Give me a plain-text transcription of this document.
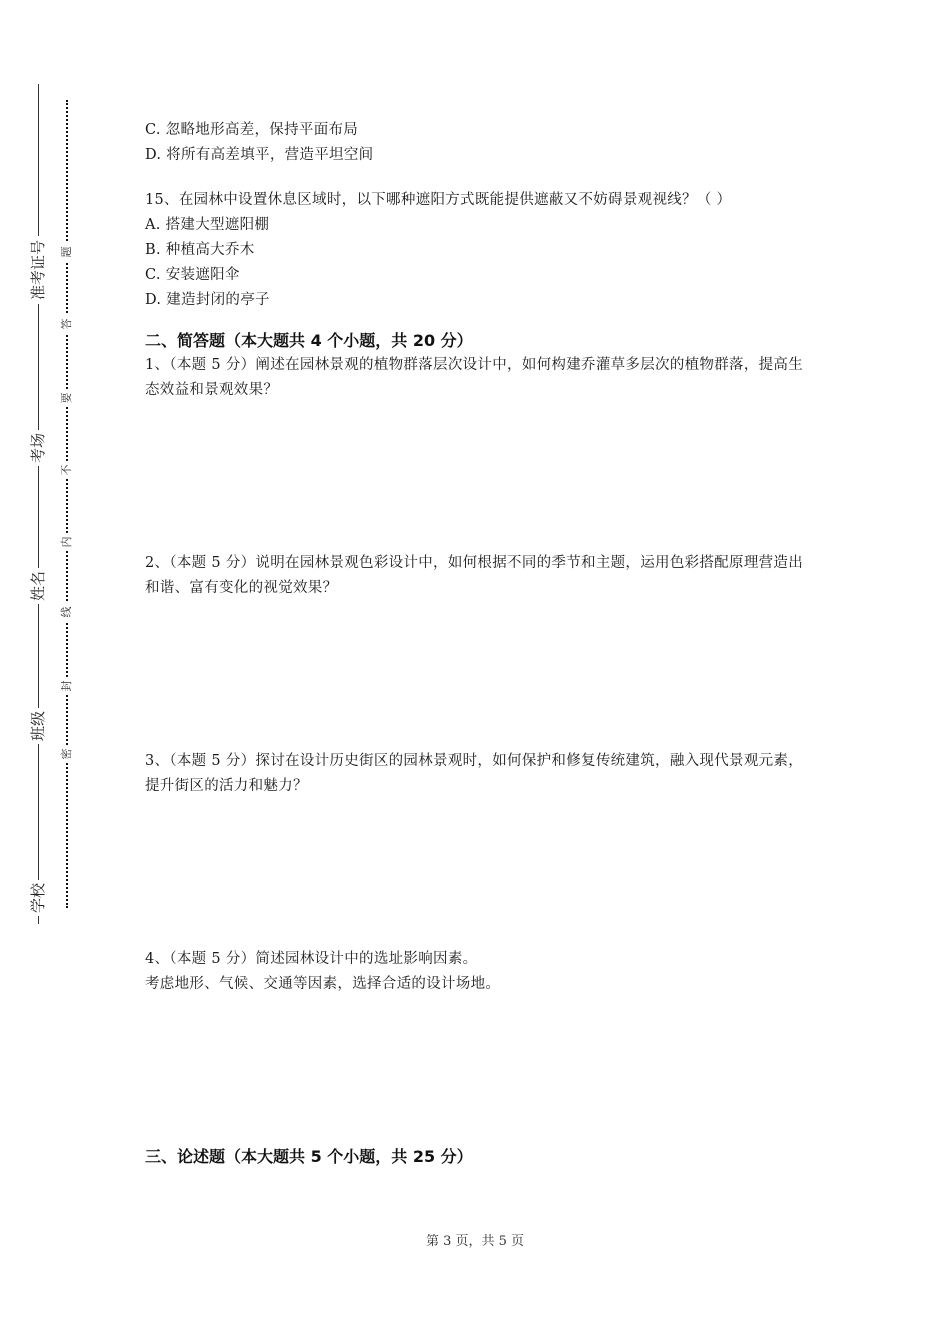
准考证号
考场
姓名
班级
学校
题
答
要
不
内
线
封
密
C. 忽略地形高差，保持平面布局
D. 将所有高差填平，营造平坦空间
15、在园林中设置休息区域时，以下哪种遮阳方式既能提供遮蔽又不妨碍景观视线？（ ）
A. 搭建大型遮阳棚
B. 种植高大乔木
C. 安装遮阳伞
D. 建造封闭的亭子
二、简答题（本大题共 4 个小题，共 20 分）
1、（本题 5 分）阐述在园林景观的植物群落层次设计中，如何构建乔灌草多层次的植物群落，提高生态效益和景观效果？
2、（本题 5 分）说明在园林景观色彩设计中，如何根据不同的季节和主题，运用色彩搭配原理营造出和谐、富有变化的视觉效果？
3、（本题 5 分）探讨在设计历史街区的园林景观时，如何保护和修复传统建筑，融入现代景观元素，提升街区的活力和魅力？
4、（本题 5 分）简述园林设计中的选址影响因素。
考虑地形、气候、交通等因素，选择合适的设计场地。
三、论述题（本大题共 5 个小题，共 25 分）
第 3 页，共 5 页
